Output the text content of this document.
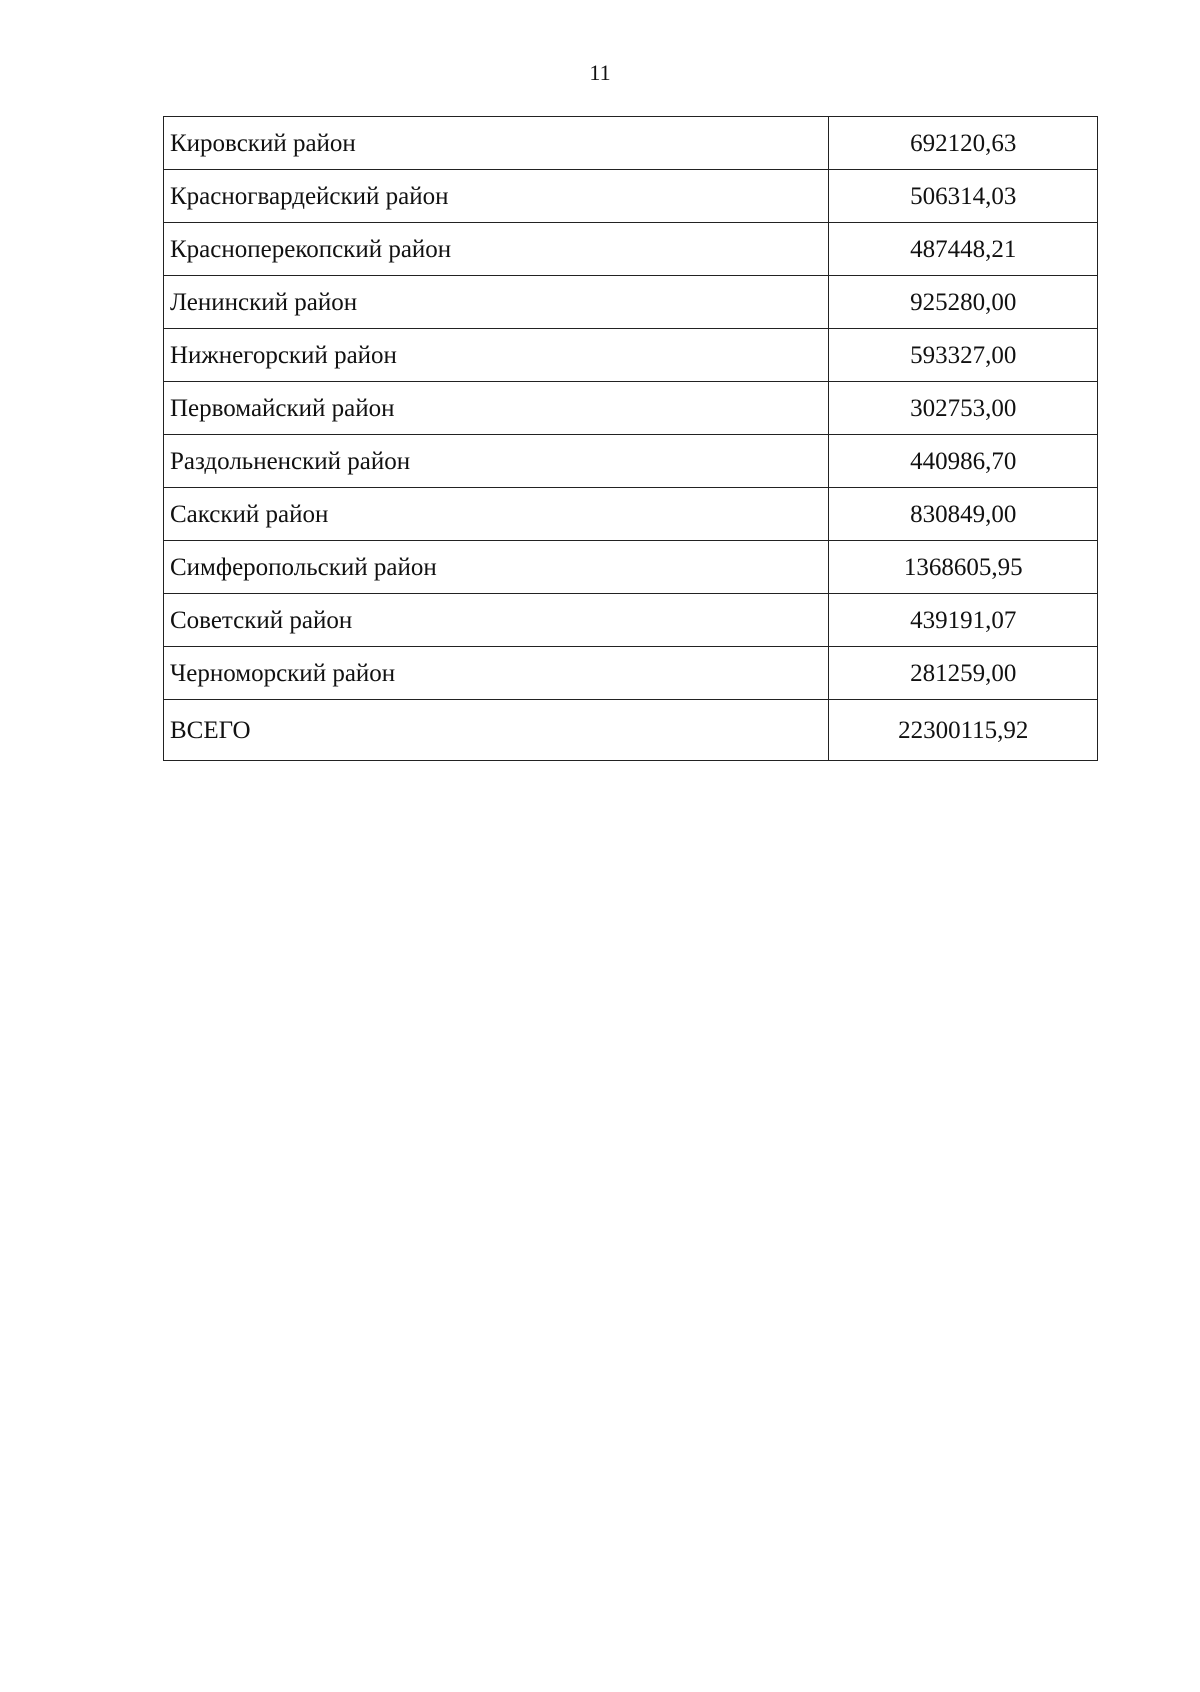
11
Кировский район	692120,63
Красногвардейский район	506314,03
Красноперекопский район	487448,21
Ленинский район	925280,00
Нижнегорский район	593327,00
Первомайский район	302753,00
Раздольненский район	440986,70
Сакский район	830849,00
Симферопольский район	1368605,95
Советский район	439191,07
Черноморский район	281259,00
ВСЕГО	22300115,92
